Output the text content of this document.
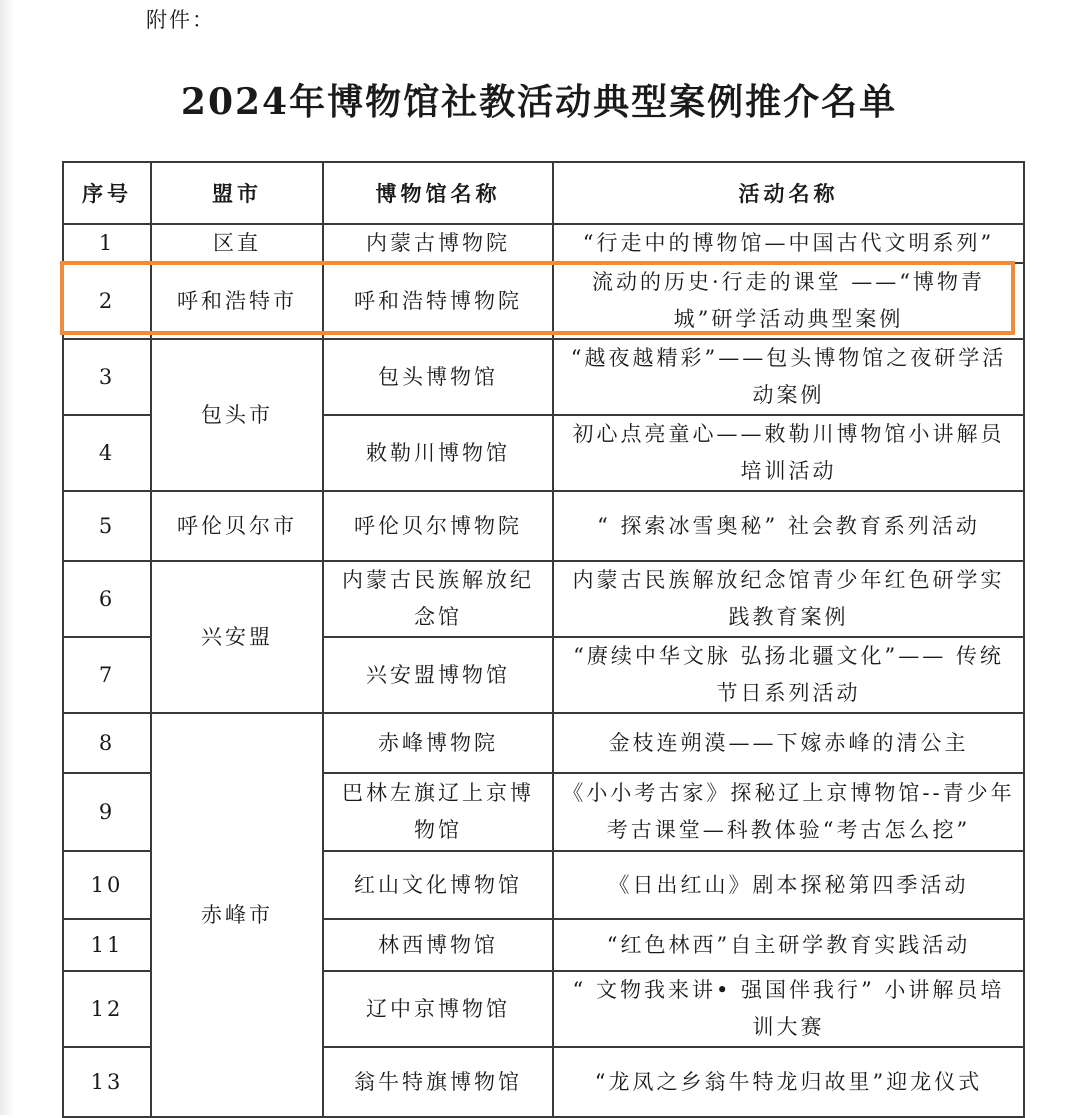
附件：
2024年博物馆社教活动典型案例推介名单
序号	盟市	博物馆名称	活动名称
1	区直	内蒙古博物院	“行走中的博物馆—中国古代文明系列”
2	呼和浩特市	呼和浩特博物院	流动的历史·行走的课堂 ——“博物青城”研学活动典型案例
3	包头市	包头博物馆	“越夜越精彩”——包头博物馆之夜研学活动案例
4		敕勒川博物馆	初心点亮童心——敕勒川博物馆小讲解员培训活动
5	呼伦贝尔市	呼伦贝尔博物院	“ 探索冰雪奥秘” 社会教育系列活动
6	兴安盟	内蒙古民族解放纪念馆	内蒙古民族解放纪念馆青少年红色研学实践教育案例
7		兴安盟博物馆	“赓续中华文脉 弘扬北疆文化”—— 传统节日系列活动
8	赤峰市	赤峰博物院	金枝连朔漠——下嫁赤峰的清公主
9		巴林左旗辽上京博物馆	《小小考古家》探秘辽上京博物馆--青少年考古课堂—科教体验“考古怎么挖”
10		红山文化博物馆	《日出红山》剧本探秘第四季活动
11		林西博物馆	“红色林西”自主研学教育实践活动
12		辽中京博物馆	“ 文物我来讲• 强国伴我行” 小讲解员培训大赛
13		翁牛特旗博物馆	“龙凤之乡翁牛特龙归故里”迎龙仪式
